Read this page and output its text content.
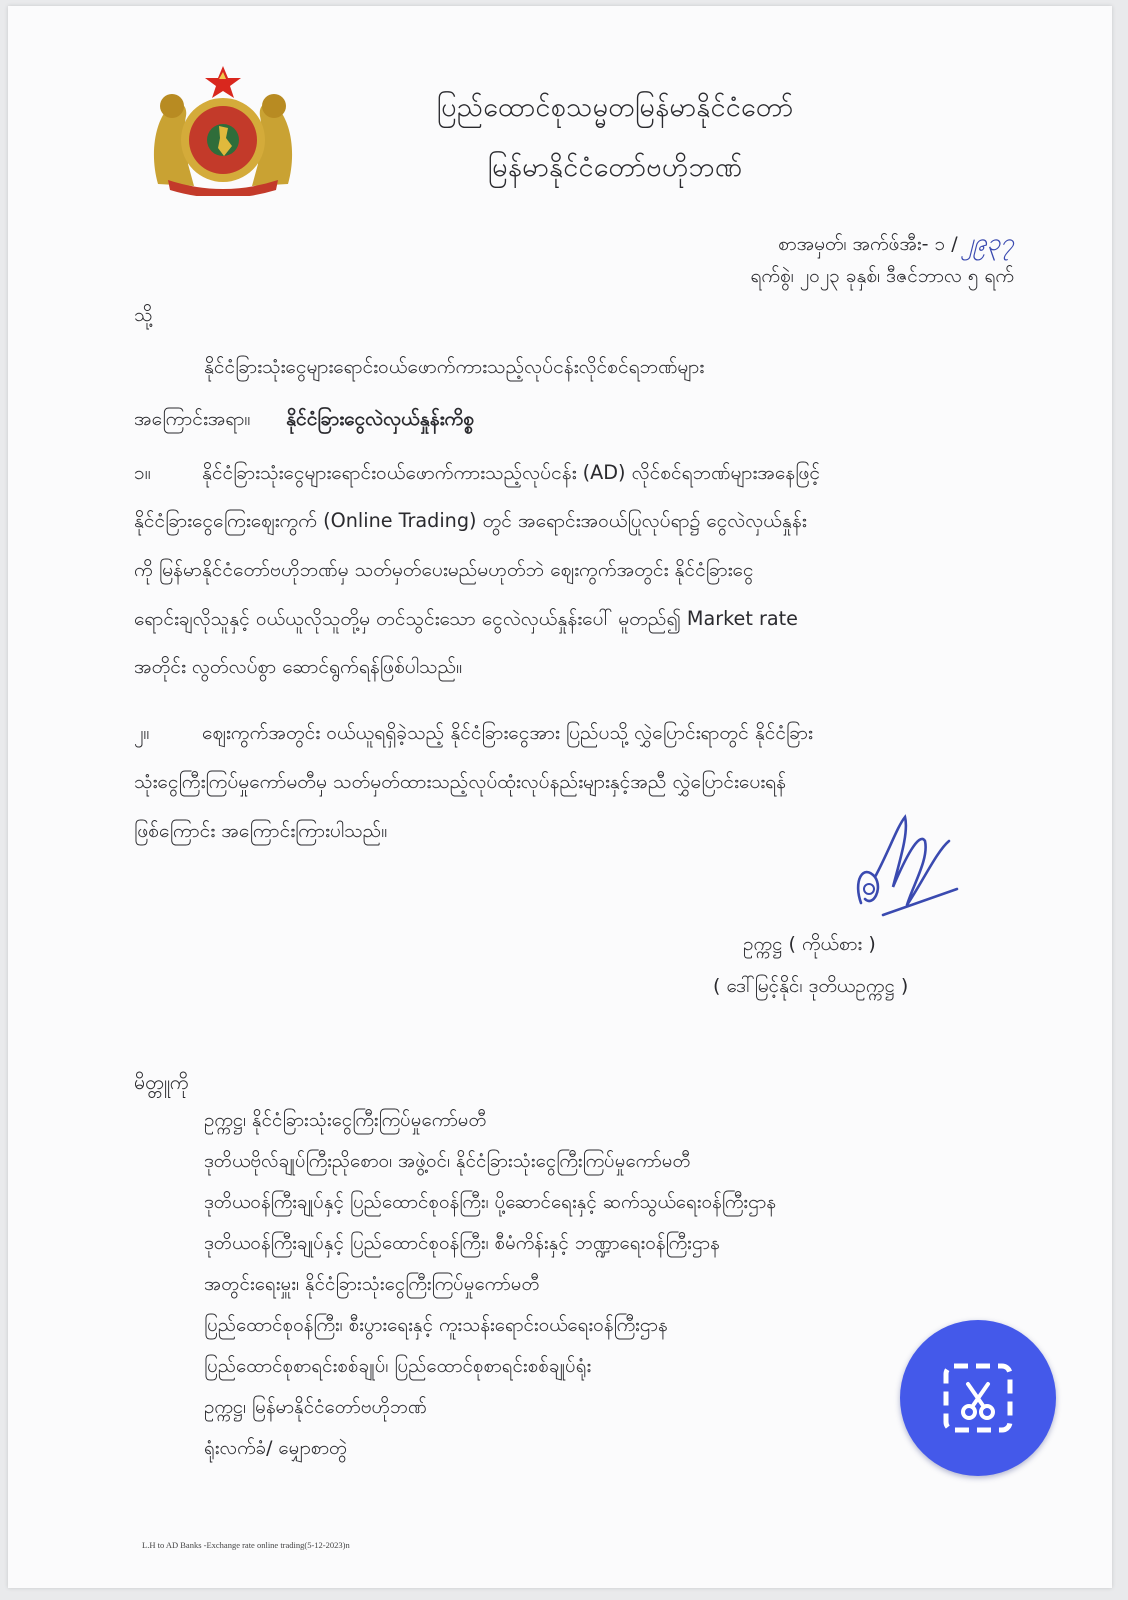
ပြည်ထောင်စုသမ္မတမြန်မာနိုင်ငံတော်
မြန်မာနိုင်ငံတော်ဗဟိုဘဏ်
စာအမှတ်၊ အက်ဖ်အီး- ၁ / ၂၉၃၇
ရက်စွဲ၊ ၂၀၂၃ ခုနှစ်၊ ဒီဇင်ဘာလ ၅ ရက်
သို့
နိုင်ငံခြားသုံးငွေများရောင်းဝယ်ဖောက်ကားသည့်လုပ်ငန်းလိုင်စင်ရဘဏ်များ
အကြောင်းအရာ။ နိုင်ငံခြားငွေလဲလှယ်နှုန်းကိစ္စ
၁။	နိုင်ငံခြားသုံးငွေများရောင်းဝယ်ဖောက်ကားသည့်လုပ်ငန်း (AD) လိုင်စင်ရဘဏ်များအနေဖြင့်
နိုင်ငံခြားငွေကြေးဈေးကွက် (Online Trading) တွင် အရောင်းအဝယ်ပြုလုပ်ရာ၌ ငွေလဲလှယ်နှုန်း
ကို မြန်မာနိုင်ငံတော်ဗဟိုဘဏ်မှ သတ်မှတ်ပေးမည်မဟုတ်ဘဲ ဈေးကွက်အတွင်း နိုင်ငံခြားငွေ
ရောင်းချလိုသူနှင့် ဝယ်ယူလိုသူတို့မှ တင်သွင်းသော ငွေလဲလှယ်နှုန်းပေါ် မူတည်၍ Market rate
အတိုင်း လွတ်လပ်စွာ ဆောင်ရွက်ရန်ဖြစ်ပါသည်။
၂။	ဈေးကွက်အတွင်း ဝယ်ယူရရှိခဲ့သည့် နိုင်ငံခြားငွေအား ပြည်ပသို့ လွှဲပြောင်းရာတွင် နိုင်ငံခြား
သုံးငွေကြီးကြပ်မှုကော်မတီမှ သတ်မှတ်ထားသည့်လုပ်ထုံးလုပ်နည်းများနှင့်အညီ လွှဲပြောင်းပေးရန်
ဖြစ်ကြောင်း အကြောင်းကြားပါသည်။
ဥက္ကဋ္ဌ ( ကိုယ်စား )
( ဒေါ်မြင့်နိုင်၊ ဒုတိယဥက္ကဋ္ဌ )
မိတ္တူကို
ဥက္ကဋ္ဌ၊ နိုင်ငံခြားသုံးငွေကြီးကြပ်မှုကော်မတီ
ဒုတိယဗိုလ်ချုပ်ကြီးညိုစောဝ၊ အဖွဲ့ဝင်၊ နိုင်ငံခြားသုံးငွေကြီးကြပ်မှုကော်မတီ
ဒုတိယဝန်ကြီးချုပ်နှင့် ပြည်ထောင်စုဝန်ကြီး၊ ပို့ဆောင်ရေးနှင့် ဆက်သွယ်ရေးဝန်ကြီးဌာန
ဒုတိယဝန်ကြီးချုပ်နှင့် ပြည်ထောင်စုဝန်ကြီး၊ စီမံကိန်းနှင့် ဘဏ္ဍာရေးဝန်ကြီးဌာန
အတွင်းရေးမှူး၊ နိုင်ငံခြားသုံးငွေကြီးကြပ်မှုကော်မတီ
ပြည်ထောင်စုဝန်ကြီး၊ စီးပွားရေးနှင့် ကူးသန်းရောင်းဝယ်ရေးဝန်ကြီးဌာန
ပြည်ထောင်စုစာရင်းစစ်ချုပ်၊ ပြည်ထောင်စုစာရင်းစစ်ချုပ်ရုံး
ဥက္ကဋ္ဌ၊ မြန်မာနိုင်ငံတော်ဗဟိုဘဏ်
ရုံးလက်ခံ/ မျှောစာတွဲ
L.H to AD Banks -Exchange rate online trading(5-12-2023)n
